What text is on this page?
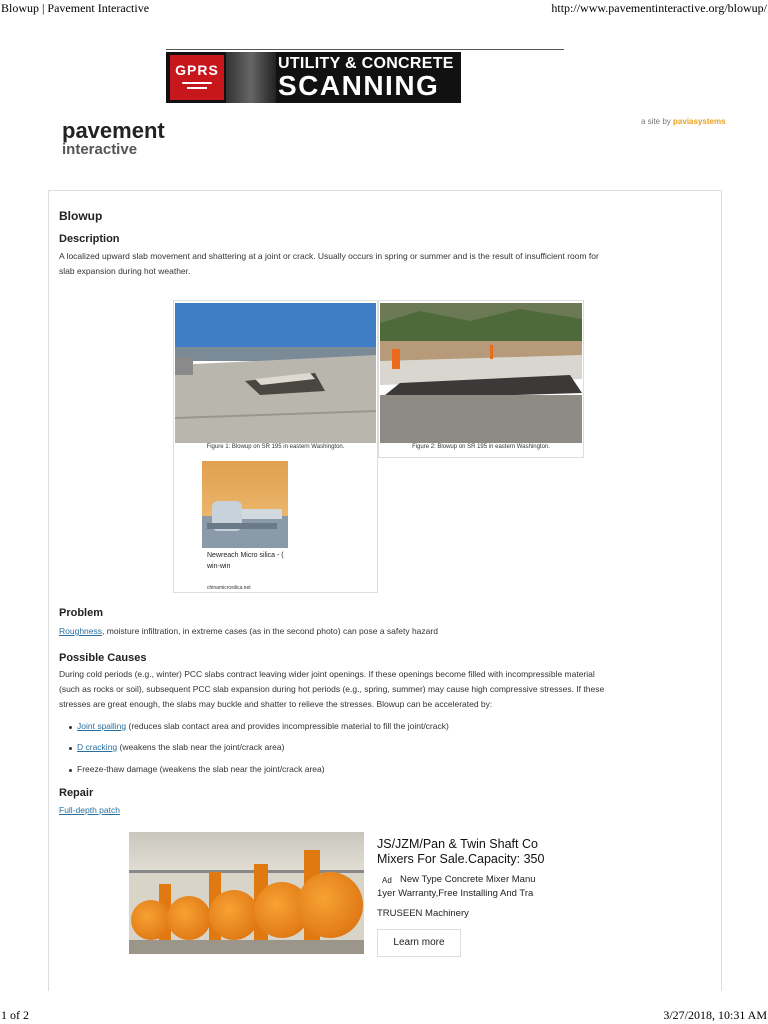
Blowup | Pavement Interactive	http://www.pavementinteractive.org/blowup/
GPRS	UTILITY & CONCRETE
SCANNING
pavement
interactive
a site by paviasystems
Blowup
Description
A localized upward slab movement and shattering at a joint or crack. Usually occurs in spring or summer and is the result of insufficient room for
slab expansion during hot weather.
Figure 1: Blowup on SR 195 in eastern Washington.	Figure 2: Blowup on SR 195 in eastern Washington.
Newreach Micro silica - (
win-win
chinamicrosilica.net
Problem
Roughness, moisture infiltration, in extreme cases (as in the second photo) can pose a safety hazard
Possible Causes
During cold periods (e.g., winter) PCC slabs contract leaving wider joint openings. If these openings become filled with incompressible material
(such as rocks or soil), subsequent PCC slab expansion during hot periods (e.g., spring, summer) may cause high compressive stresses. If these
stresses are great enough, the slabs may buckle and shatter to relieve the stresses. Blowup can be accelerated by:
Joint spalling (reduces slab contact area and provides incompressible material to fill the joint/crack)
D cracking (weakens the slab near the joint/crack area)
Freeze-thaw damage (weakens the slab near the joint/crack area)
Repair
Full-depth patch
JS/JZM/Pan & Twin Shaft Co
Mixers For Sale.Capacity: 350
Ad New Type Concrete Mixer Manu
1yer Warranty,Free Installing And Tra
TRUSEEN Machinery
Learn more
1 of 2	3/27/2018, 10:31 AM
